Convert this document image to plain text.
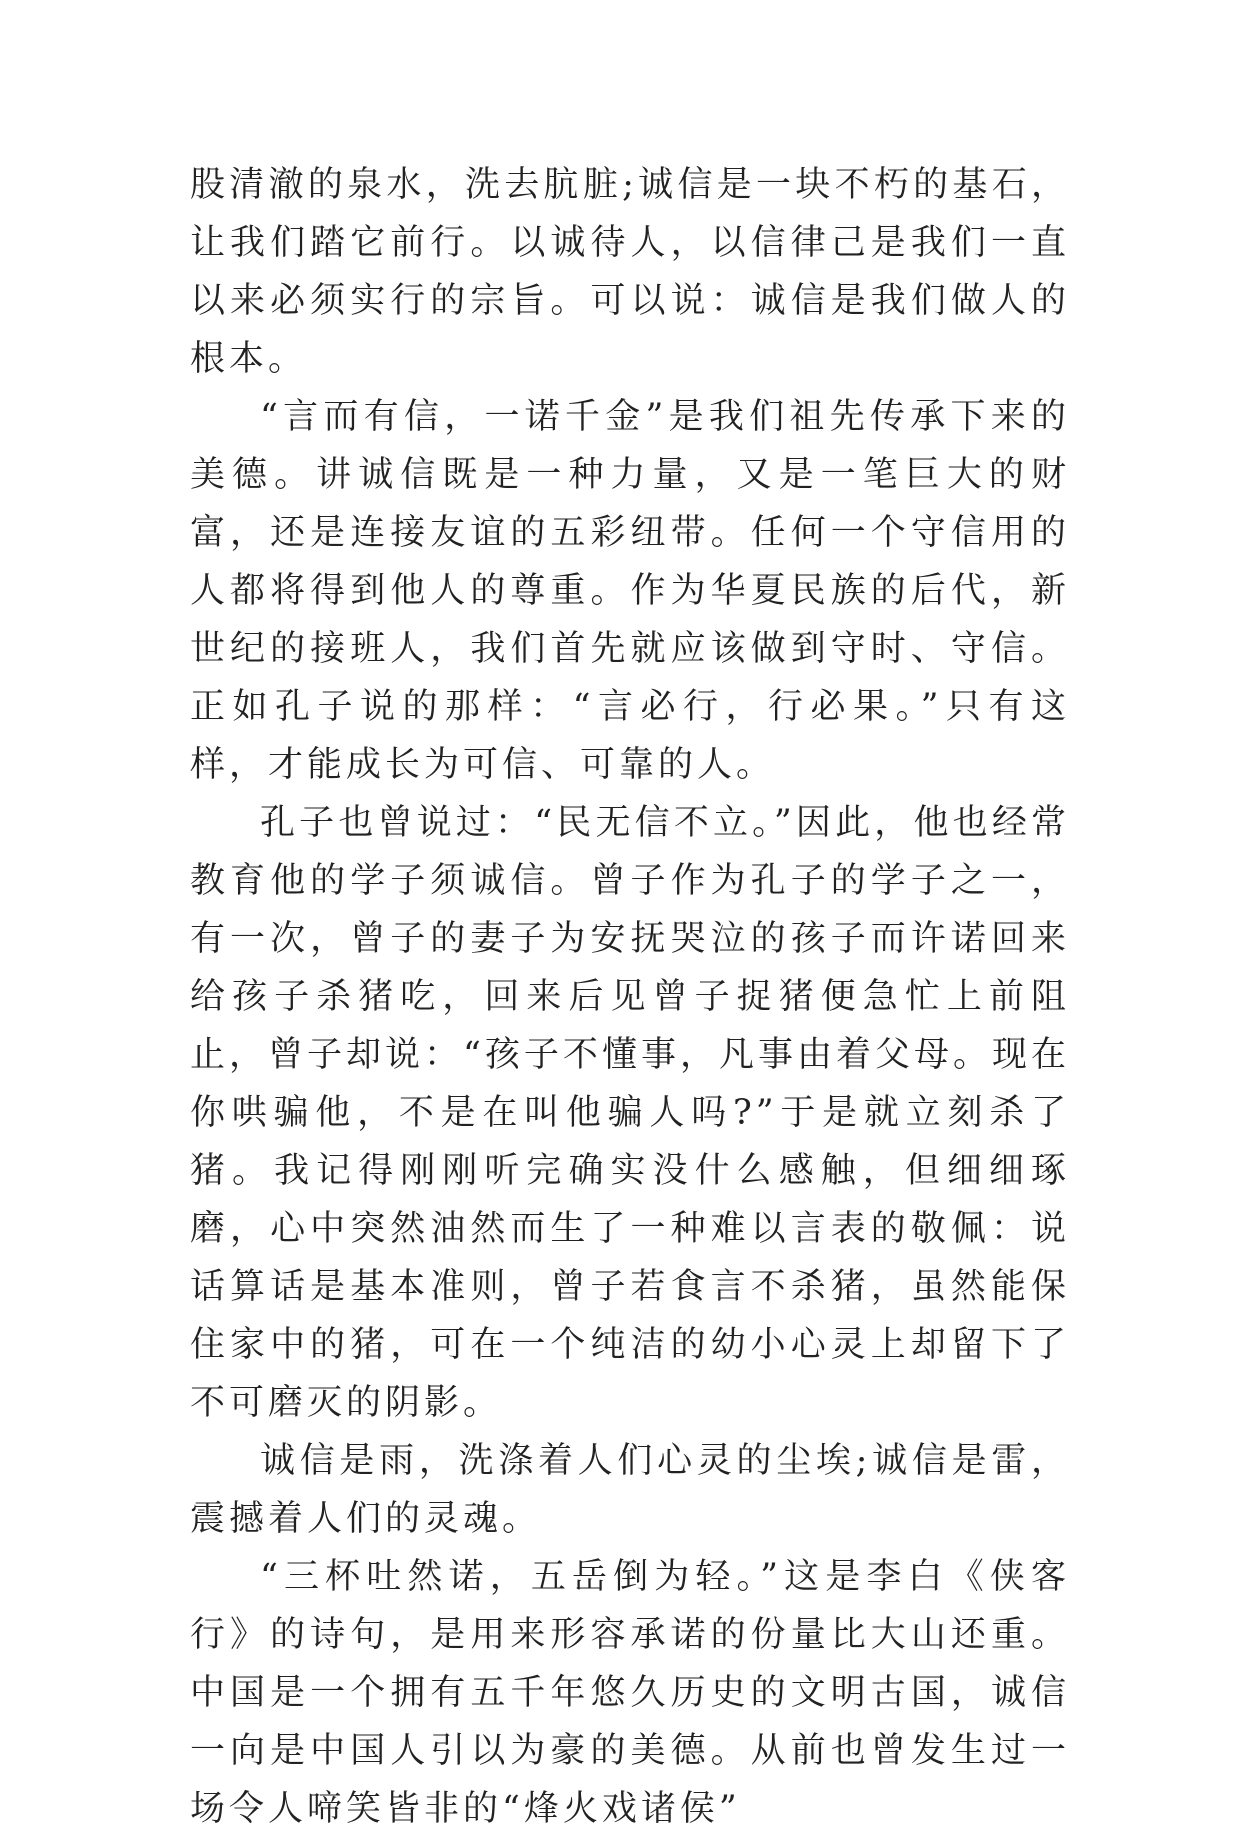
股清澈的泉水，洗去肮脏;诚信是一块不朽的基石，让我们踏它前行。以诚待人，以信律己是我们一直以来必须实行的宗旨。可以说：诚信是我们做人的根本。

“言而有信，一诺千金”是我们祖先传承下来的美德。讲诚信既是一种力量，又是一笔巨大的财富，还是连接友谊的五彩纽带。任何一个守信用的人都将得到他人的尊重。作为华夏民族的后代，新世纪的接班人，我们首先就应该做到守时、守信。正如孔子说的那样：“言必行，行必果。”只有这样，才能成长为可信、可靠的人。

孔子也曾说过：“民无信不立。”因此，他也经常教育他的学子须诚信。曾子作为孔子的学子之一，有一次，曾子的妻子为安抚哭泣的孩子而许诺回来给孩子杀猪吃，回来后见曾子捉猪便急忙上前阻止，曾子却说：“孩子不懂事，凡事由着父母。现在你哄骗他，不是在叫他骗人吗?”于是就立刻杀了猪。我记得刚刚听完确实没什么感触，但细细琢磨，心中突然油然而生了一种难以言表的敬佩：说话算话是基本准则，曾子若食言不杀猪，虽然能保住家中的猪，可在一个纯洁的幼小心灵上却留下了不可磨灭的阴影。

诚信是雨，洗涤着人们心灵的尘埃;诚信是雷，震撼着人们的灵魂。

“三杯吐然诺，五岳倒为轻。”这是李白《侠客行》的诗句，是用来形容承诺的份量比大山还重。中国是一个拥有五千年悠久历史的文明古国，诚信一向是中国人引以为豪的美德。从前也曾发生过一场令人啼笑皆非的“烽火戏诸侯”
